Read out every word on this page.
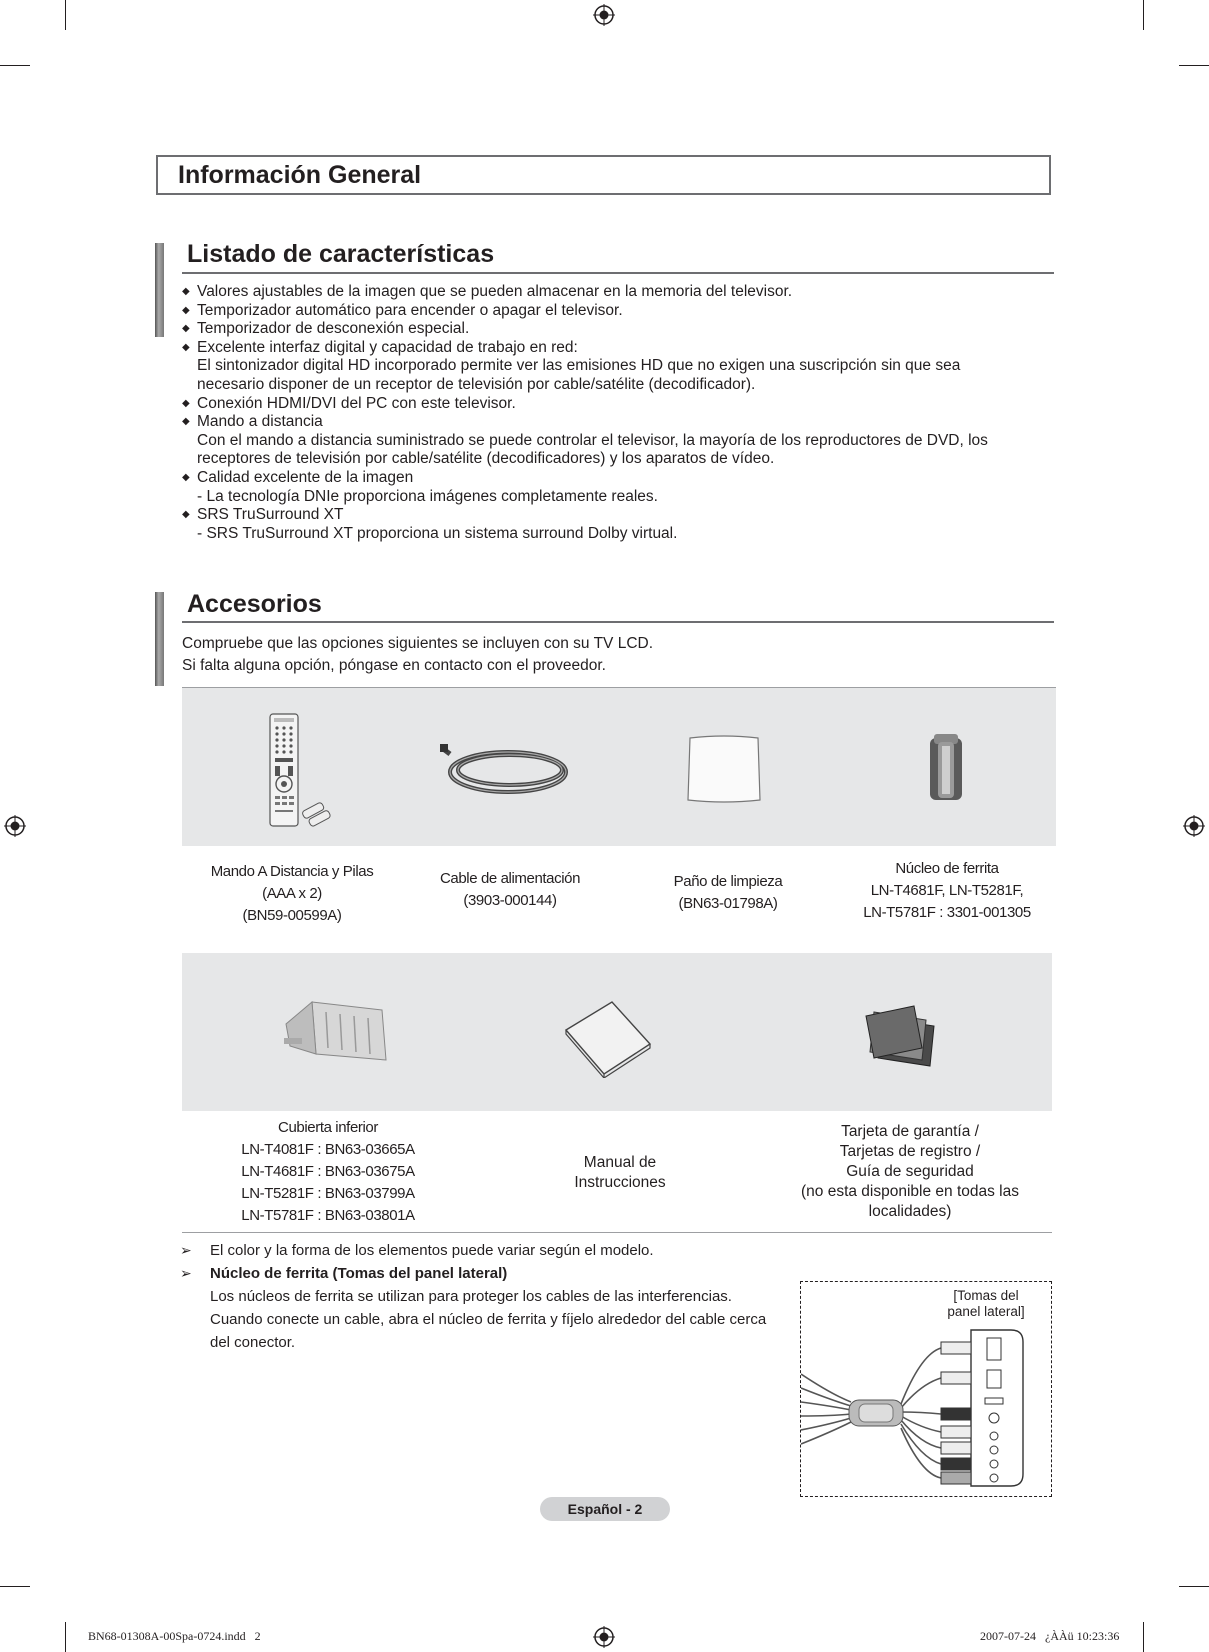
Información General
Listado de características
◆ Valores ajustables de la imagen que se pueden almacenar en la memoria del televisor.
◆ Temporizador automático para encender o apagar el televisor.
◆ Temporizador de desconexión especial.
◆ Excelente interfaz digital y capacidad de trabajo en red:
El sintonizador digital HD incorporado permite ver las emisiones HD que no exigen una suscripción sin que sea
necesario disponer de un receptor de televisión por cable/satélite (decodificador).
◆ Conexión HDMI/DVI del PC con este televisor.
◆ Mando a distancia
Con el mando a distancia suministrado se puede controlar el televisor, la mayoría de los reproductores de DVD, los
receptores de televisión por cable/satélite (decodificadores) y los aparatos de vídeo.
◆ Calidad excelente de la imagen
- La tecnología DNIe proporciona imágenes completamente reales.
◆ SRS TruSurround XT
- SRS TruSurround XT proporciona un sistema surround Dolby virtual.
Accesorios
Compruebe que las opciones siguientes se incluyen con su TV LCD.
Si falta alguna opción, póngase en contacto con el proveedor.
Mando A Distancia y Pilas
(AAA x 2)
(BN59-00599A)
Cable de alimentación
(3903-000144)
Paño de limpieza
(BN63-01798A)
Núcleo de ferrita
LN-T4681F, LN-T5281F,
LN-T5781F : 3301-001305
Cubierta inferior
LN-T4081F : BN63-03665A
LN-T4681F : BN63-03675A
LN-T5281F : BN63-03799A
LN-T5781F : BN63-03801A
Manual de
Instrucciones
Tarjeta de garantía /
Tarjetas de registro /
Guía de seguridad
(no esta disponible en todas las
localidades)
➢ El color y la forma de los elementos puede variar según el modelo.
➢ Núcleo de ferrita (Tomas del panel lateral)
Los núcleos de ferrita se utilizan para proteger los cables de las interferencias.
Cuando conecte un cable, abra el núcleo de ferrita y fíjelo alrededor del cable cerca
del conector.
[Tomas del
panel lateral]
Español - 2
BN68-01308A-00Spa-0724.indd   2	2007-07-24   ¿ÀÀü 10:23:36
